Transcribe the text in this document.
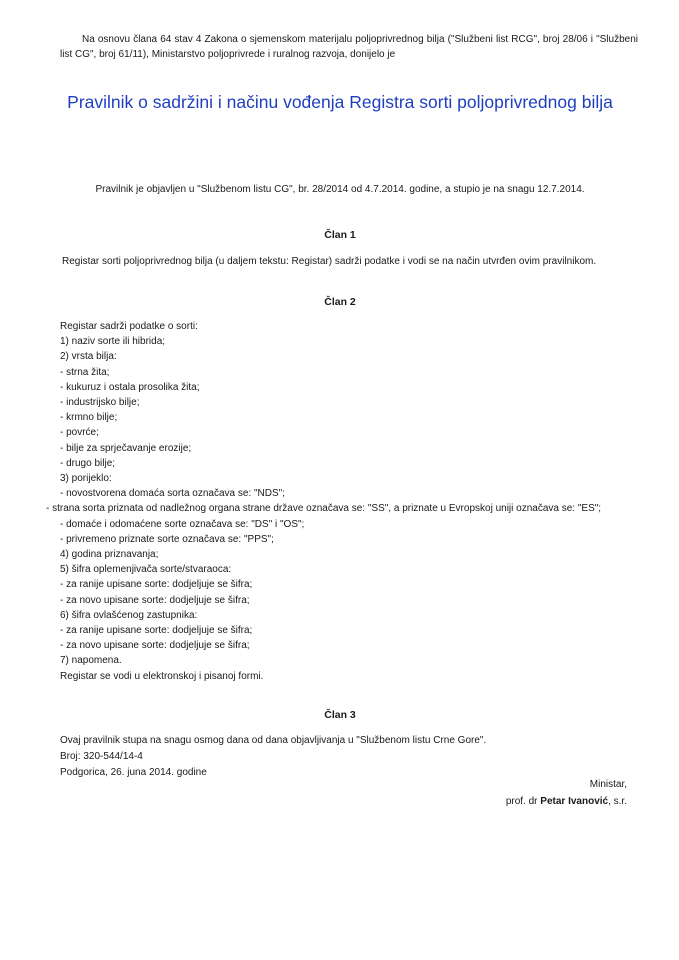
Na osnovu člana 64 stav 4 Zakona o sjemenskom materijalu poljoprivrednog bilja ("Službeni list RCG", broj 28/06 i "Službeni list CG", broj 61/11), Ministarstvo poljoprivrede i ruralnog razvoja, donijelo je
Pravilnik o sadržini i načinu vođenja Registra sorti poljoprivrednog bilja
Pravilnik je objavljen u "Službenom listu CG", br. 28/2014 od 4.7.2014. godine, a stupio je na snagu 12.7.2014.
Član 1
Registar sorti poljoprivrednog bilja (u daljem tekstu: Registar) sadrži podatke i vodi se na način utvrđen ovim pravilnikom.
Član 2
Registar sadrži podatke o sorti:
1) naziv sorte ili hibrida;
2) vrsta bilja:
- strna žita;
- kukuruz i ostala prosolika žita;
- industrijsko bilje;
- krmno bilje;
- povrće;
- bilje za sprječavanje erozije;
- drugo bilje;
3) porijeklo:
- novostvorena domaća sorta označava se: "NDS";
- strana sorta priznata od nadležnog organa strane države označava se: "SS", a priznate u Evropskoj uniji označava se: "ES";
- domaće i odomaćene sorte označava se: "DS" i "OS";
- privremeno priznate sorte označava se: "PPS";
4) godina priznavanja;
5) šifra oplemenjivača sorte/stvaraoca:
- za ranije upisane sorte: dodjeljuje se šifra;
- za novo upisane sorte: dodjeljuje se šifra;
6) šifra ovlašćenog zastupnika:
- za ranije upisane sorte: dodjeljuje se šifra;
- za novo upisane sorte: dodjeljuje se šifra;
7) napomena.
Registar se vodi u elektronskoj i pisanoj formi.
Član 3
Ovaj pravilnik stupa na snagu osmog dana od dana objavljivanja u "Službenom listu Crne Gore".
Broj: 320-544/14-4
Podgorica, 26. juna 2014. godine
Ministar,
prof. dr Petar Ivanović, s.r.
